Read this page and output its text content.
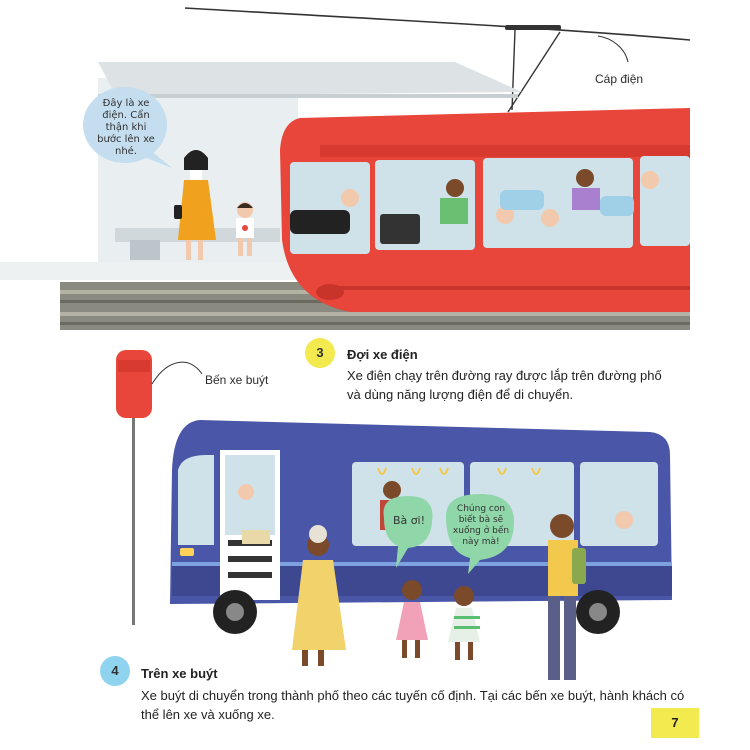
Cáp điện
Bến xe buýt
Đây là xe điện. Cẩn thận khi bước lên xe nhé.
Bà ơi!
Chúng con biết bà sẽ xuống ở bến này mà!
3	Đợi xe điện
Xe điện chạy trên đường ray được lắp trên đường phố và dùng năng lượng điện để di chuyển.
4	Trên xe buýt
Xe buýt di chuyển trong thành phố theo các tuyến cố định. Tại các bến xe buýt, hành khách có thể lên xe và xuống xe.
7
